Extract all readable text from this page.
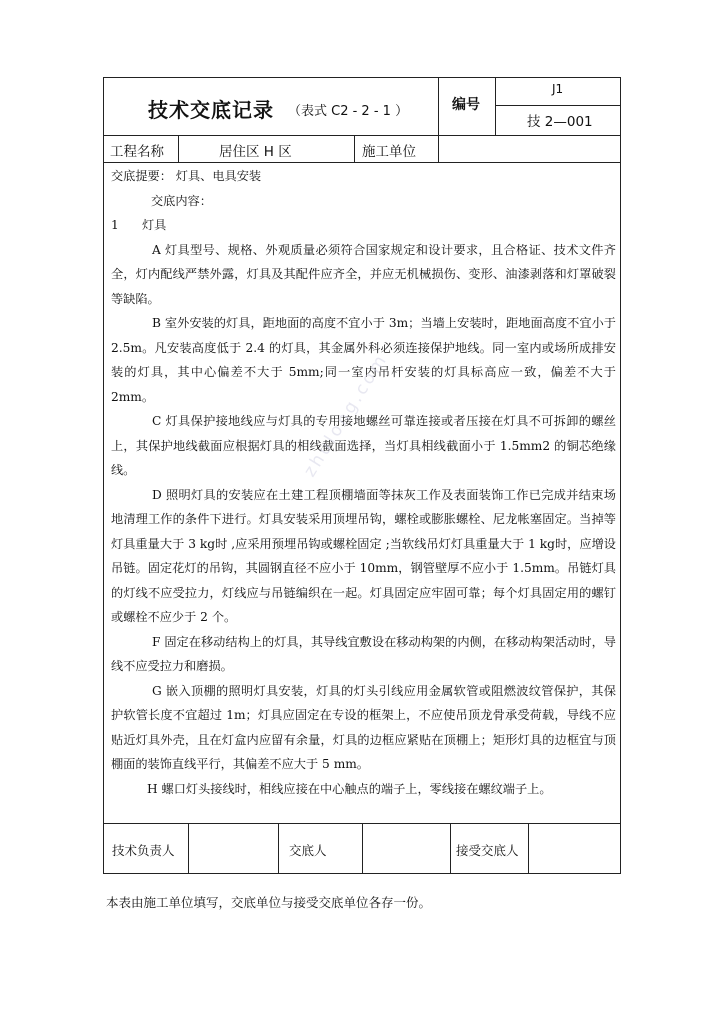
技术交底记录 （表式 C2 - 2 - 1 ）	编号
J1
技 2—001
工程名称	居住区 H 区	施工单位

交底提要： 灯具、电具安装

交底内容：

1      灯具

A 灯具型号、规格、外观质量必须符合国家规定和设计要求，且合格证、技术文件齐全，灯内配线严禁外露，灯具及其配件应齐全，并应无机械损伤、变形、油漆剥落和灯罩破裂等缺陷。

B 室外安装的灯具，距地面的高度不宜小于 3m；当墙上安装时，距地面高度不宜小于 2.5m。凡安装高度低于 2.4 的灯具，其金属外科必须连接保护地线。同一室内或场所成排安装的灯具，其中心偏差不大于 5mm;同一室内吊杆安装的灯具标高应一致，偏差不大于 2mm。

C 灯具保护接地线应与灯具的专用接地螺丝可靠连接或者压接在灯具不可拆卸的螺丝上，其保护地线截面应根据灯具的相线截面选择，当灯具相线截面小于 1.5mm2 的铜芯绝缘线。

D 照明灯具的安装应在土建工程顶棚墙面等抹灰工作及表面装饰工作已完成并结束场地清理工作的条件下进行。灯具安装采用顶埋吊钩，螺栓或膨胀螺栓、尼龙帐塞固定。当掉等灯具重量大于 3 kg时 ,应采用预埋吊钩或螺栓固定 ;当软线吊灯灯具重量大于 1 kg时，应增设吊链。固定花灯的吊钩，其圆钢直径不应小于 10mm，钢管壁厚不应小于 1.5mm。吊链灯具的灯线不应受拉力，灯线应与吊链编织在一起。灯具固定应牢固可靠；每个灯具固定用的螺钉或螺栓不应少于 2 个。

F 固定在移动结构上的灯具，其导线宜敷设在移动构架的内侧，在移动构架活动时，导线不应受拉力和磨损。

G 嵌入顶棚的照明灯具安装，灯具的灯头引线应用金属软管或阻燃波纹管保护，其保护软管长度不宜超过 1m；灯具应固定在专设的框架上，不应使吊顶龙骨承受荷载，导线不应贴近灯具外壳，且在灯盒内应留有余量，灯具的边框应紧贴在顶棚上；矩形灯具的边框宜与顶棚面的装饰直线平行，其偏差不应大于 5 mm。

H 螺口灯头接线时，相线应接在中心触点的端子上，零线接在螺纹端子上。

技术负责人	交底人	接受交底人
zhulong.com
本表由施工单位填写，交底单位与接受交底单位各存一份。
